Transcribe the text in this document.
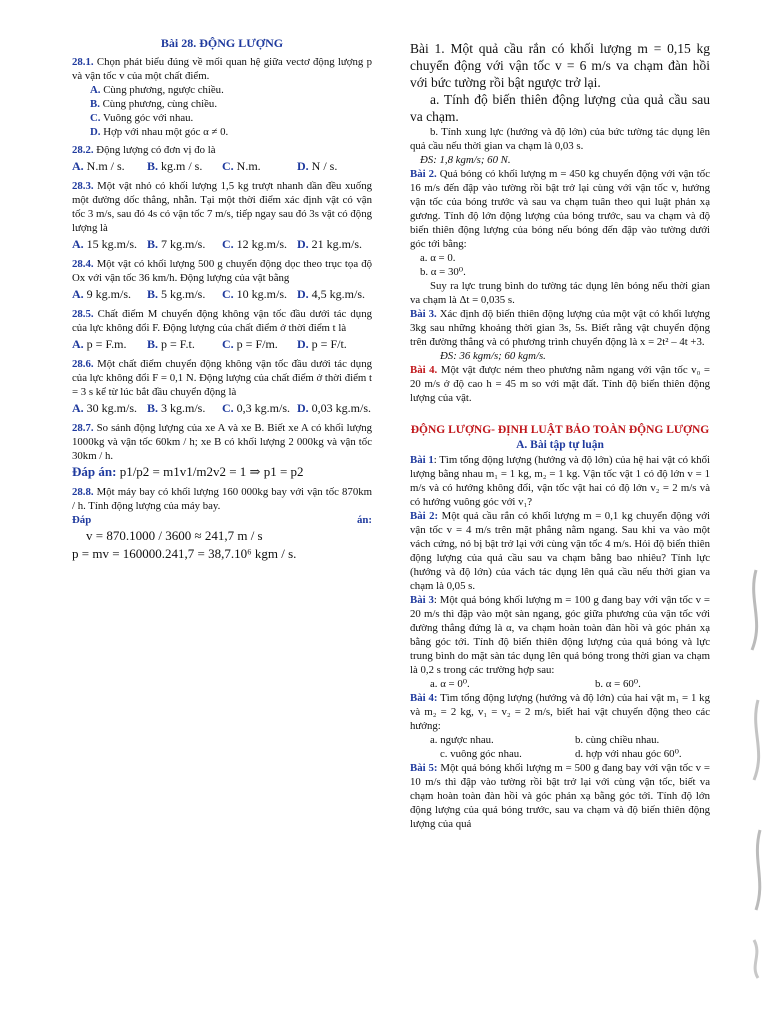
Bài 28. ĐỘNG LƯỢNG

28.1. Chọn phát biểu đúng về mối quan hệ giữa vectơ động lượng p và vận tốc v của một chất điểm.

A. Cùng phương, ngược chiều.

B. Cùng phương, cùng chiều.

C. Vuông góc với nhau.

D. Hợp với nhau một góc α ≠ 0.

28.2. Động lượng có đơn vị đo là

A. N.m / s.	B. kg.m / s.	C. N.m.	D. N / s.

28.3. Một vật nhỏ có khối lượng 1,5 kg trượt nhanh dần đều xuống một đường dốc thẳng, nhẵn. Tại một thời điểm xác định vật có vận tốc 3 m/s, sau đó 4s có vận tốc 7 m/s, tiếp ngay sau đó 3s vật có động lượng là

A. 15 kg.m/s. B. 7 kg.m/s.	C. 12 kg.m/s. D. 21 kg.m/s.

28.4. Một vật có khối lượng 500 g chuyển động dọc theo trục tọa độ Ox với vận tốc 36 km/h. Động lượng của vật bằng

A. 9 kg.m/s.	B. 5 kg.m/s.	C. 10 kg.m/s. D. 4,5 kg.m/s.

28.5. Chất điểm M chuyển động không vận tốc đầu dưới tác dụng của lực không đổi F. Động lượng của chất điểm ở thời điểm t là

A. p = F.m.	B. p = F.t.	C. p = F/m.	D. p = F/t.

28.6. Một chất điểm chuyển động không vận tốc đầu dưới tác dụng của lực không đổi F = 0,1 N. Động lượng của chất điểm ở thời điểm t = 3 s kể từ lúc bắt đầu chuyển động là

A. 30 kg.m/s. B. 3 kg.m/s.	C. 0,3 kg.m/s. D. 0,03 kg.m/s.

28.7. So sánh động lượng của xe A và xe B. Biết xe A có khối lượng 1000kg và vận tốc 60km / h; xe B có khối lượng 2 000kg và vận tốc 30km / h.

Đáp án: p1/p2 = m1v1/m2v2 = 1 ⇒ p1 = p2

28.8. Một máy bay có khối lượng 160 000kg bay với vận tốc 870km / h. Tính động lượng của máy bay.

Đáp	án:

v = 870.1000 / 3600 ≈ 241,7 m / s

p = mv = 160000.241,7 = 38,7.10⁶ kgm / s.

Bài 1. Một quả cầu rắn có khối lượng m = 0,15 kg chuyển động với vận tốc v = 6 m/s va chạm đàn hồi với bức tường rồi bật ngược trở lại.

a. Tính độ biến thiên động lượng của quả cầu sau va chạm.

b. Tính xung lực (hướng và độ lớn) của bức tường tác dụng lên quả cầu nếu thời gian va chạm là 0,03 s.

ĐS: 1,8 kgm/s; 60 N.

Bài 2. Quả bóng có khối lượng m = 450 kg chuyển động với vận tốc 16 m/s đến đập vào tường rồi bật trở lại cùng với vận tốc v, hướng vận tốc của bóng trước và sau va chạm tuân theo qui luật phản xạ gương. Tính độ lớn động lượng của bóng trước, sau va chạm và độ biến thiên động lượng của bóng nếu bóng đến đập vào tường dưới góc tới bằng:

a. α = 0.

b. α = 30⁰.

Suy ra lực trung bình do tường tác dụng lên bóng nếu thời gian va chạm là Δt = 0,035 s.

Bài 3. Xác định độ biến thiên động lượng của một vật có khối lượng 3kg sau những khoảng thời gian 3s, 5s. Biết rằng vật chuyển động trên đường thẳng và có phương trình chuyển động là x = 2t² – 4t +3.

ĐS: 36 kgm/s; 60 kgm/s.

Bài 4. Một vật được ném theo phương nằm ngang với vận tốc v₀ = 20 m/s ở độ cao h = 45 m so với mặt đất. Tính độ biến thiên động lượng của vật.

ĐỘNG LƯỢNG- ĐỊNH LUẬT BẢO TOÀN ĐỘNG LƯỢNG

A. Bài tập tự luận

Bài 1: Tìm tổng động lượng (hướng và độ lớn) của hệ hai vật có khối lượng bằng nhau m₁ = 1 kg, m₂ = 1 kg. Vận tốc vật 1 có độ lớn v = 1 m/s và có hướng không đổi, vận tốc vật hai có độ lớn v₂ = 2 m/s và có hướng vuông góc với v₁?

Bài 2: Một quả cầu rắn có khối lượng m = 0,1 kg chuyển động với vận tốc v = 4 m/s trên mặt phẳng nằm ngang. Sau khi va vào một vách cứng, nó bị bật trở lại với cùng vận tốc 4 m/s. Hỏi độ biến thiên động lượng của quả cầu sau va chạm bằng bao nhiêu? Tính lực (hướng và độ lớn) của vách tác dụng lên quả cầu nếu thời gian va chạm là 0,05 s.

Bài 3: Một quả bóng khối lượng m = 100 g đang bay với vận tốc v = 20 m/s thì đập vào một sàn ngang, góc giữa phương của vận tốc với đường thẳng đứng là α, va chạm hoàn toàn đàn hồi và góc phản xạ bằng góc tới. Tính độ biến thiên động lượng của quả bóng và lực trung bình do mặt sàn tác dụng lên quả bóng trong thời gian va chạm là 0,2 s trong các trường hợp sau:

a. α = 0⁰.	b. α = 60⁰.

Bài 4: Tìm tổng động lượng (hướng và độ lớn) của hai vật m₁ = 1 kg và m₂ = 2 kg, v₁ = v₂ = 2 m/s, biết hai vật chuyển động theo các hướng:

a. ngược nhau.	b. cùng chiều nhau.
c. vuông góc nhau.	d. hợp với nhau góc 60⁰.

Bài 5: Một quả bóng khối lượng m = 500 g đang bay với vận tốc v = 10 m/s thì đập vào tường rồi bật trở lại với cùng vận tốc, biết va chạm hoàn toàn đàn hồi và góc phản xạ bằng góc tới. Tính độ lớn động lượng của quả bóng trước, sau va chạm và độ biến thiên động lượng của quả
